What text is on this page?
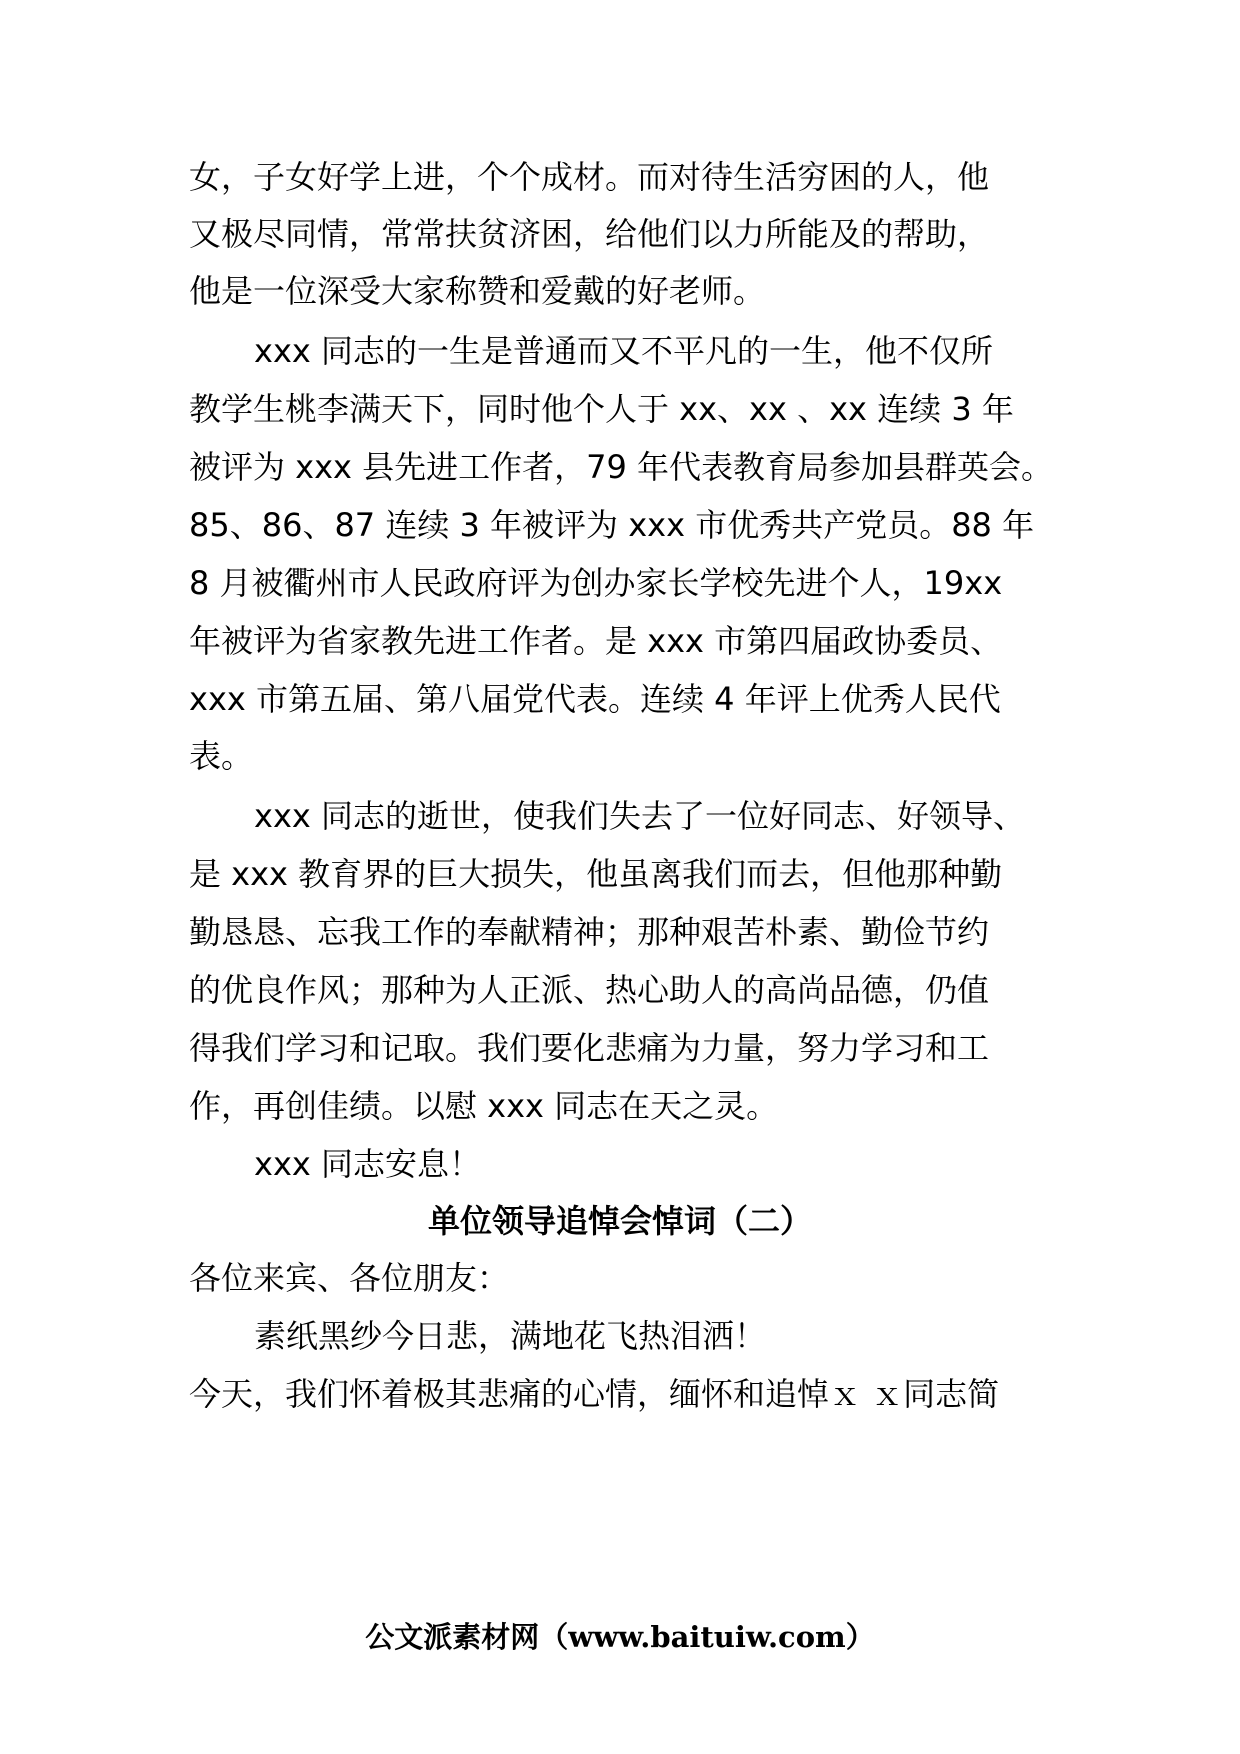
女，子女好学上进，个个成材。而对待生活穷困的人，他
又极尽同情，常常扶贫济困，给他们以力所能及的帮助，
他是一位深受大家称赞和爱戴的好老师。
xxx 同志的一生是普通而又不平凡的一生，他不仅所
教学生桃李满天下，同时他个人于 xx、xx 、xx 连续 3 年
被评为 xxx 县先进工作者，79 年代表教育局参加县群英会。
85、86、87 连续 3 年被评为 xxx 市优秀共产党员。88 年
8 月被衢州市人民政府评为创办家长学校先进个人，19xx
年被评为省家教先进工作者。是 xxx 市第四届政协委员、
xxx 市第五届、第八届党代表。连续 4 年评上优秀人民代
表。
xxx 同志的逝世，使我们失去了一位好同志、好领导、
是 xxx 教育界的巨大损失，他虽离我们而去，但他那种勤
勤恳恳、忘我工作的奉献精神；那种艰苦朴素、勤俭节约
的优良作风；那种为人正派、热心助人的高尚品德，仍值
得我们学习和记取。我们要化悲痛为力量，努力学习和工
作，再创佳绩。以慰 xxx 同志在天之灵。
xxx 同志安息！
单位领导追悼会悼词（二）
各位来宾、各位朋友：
素纸黑纱今日悲，满地花飞热泪洒！
今天，我们怀着极其悲痛的心情，缅怀和追悼ｘ ｘ同志简
公文派素材网（www.baituiw.com）
